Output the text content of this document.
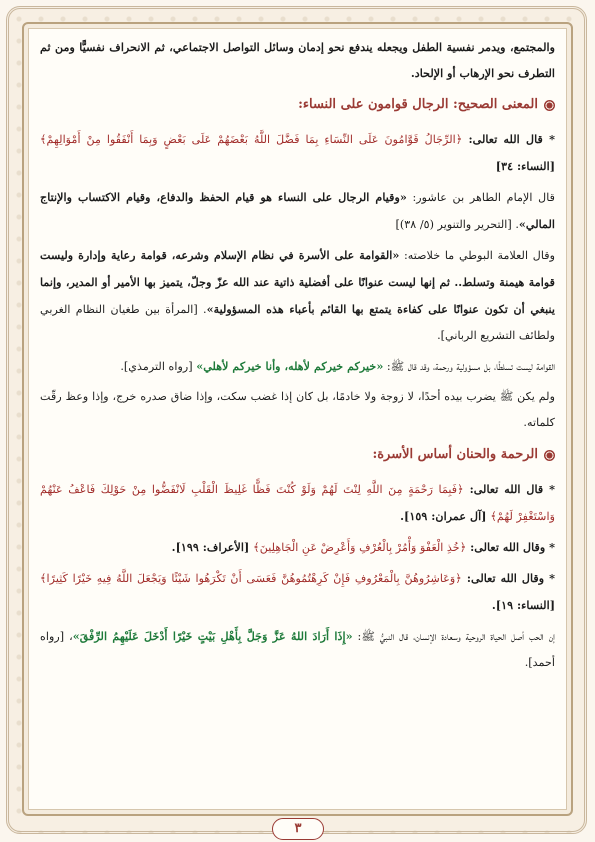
والمجتمع، ويدمر نفسية الطفل ويجعله يندفع نحو إدمان وسائل التواصل الاجتماعي، ثم الانحراف نفسيًّا ومن ثم التطرف نحو الإرهاب أو الإلحاد.

المعنى الصحيح: الرجال قوامون على النساء:

* قال الله تعالى: ﴿الرِّجَالُ قَوَّامُونَ عَلَى النِّسَاءِ بِمَا فَضَّلَ اللَّهُ بَعْضَهُمْ عَلَى بَعْضٍ وَبِمَا أَنْفَقُوا مِنْ أَمْوَالِهِمْ﴾ [النساء: ٣٤]

قال الإمام الطاهر بن عاشور: «وقيام الرجال على النساء هو قيام الحفظ والدفاع، وقيام الاكتساب والإنتاج المالي». [التحرير والتنوير (٥/ ٣٨)]

وقال العلامة البوطي ما خلاصته: «القوامة على الأسرة في نظام الإسلام وشرعه، قوامة رعاية وإدارة وليست قوامة هيمنة وتسلط.. ثم إنها ليست عنوانًا على أفضلية ذاتية عند الله عزّ وجلّ، يتميز بها الأمير أو المدير، وإنما ينبغي أن تكون عنوانًا على كفاءة يتمتع بها القائم بأعباء هذه المسؤولية». [المرأة بين طغيان النظام الغربي ولطائف التشريع الرباني].

القوامة ليست تسلطًا، بل مسؤولية ورحمة، وقد قال ﷺ: «خيركم خيركم لأهله، وأنا خيركم لأهلي» [رواه الترمذي].

ولم يكن ﷺ يضرب بيده أحدًا، لا زوجة ولا خادمًا، بل كان إذا غضب سكت، وإذا ضاق صدره خرج، وإذا وعظ رقّت كلماته.

الرحمة والحنان أساس الأسرة:

* قال الله تعالى: ﴿فَبِمَا رَحْمَةٍ مِنَ اللَّهِ لِنْتَ لَهُمْ وَلَوْ كُنْتَ فَظًّا غَلِيظَ الْقَلْبِ لَانْفَضُّوا مِنْ حَوْلِكَ فَاعْفُ عَنْهُمْ وَاسْتَغْفِرْ لَهُمْ﴾ [آل عمران: ١٥٩].

* وقال الله تعالى: ﴿خُذِ الْعَفْوَ وَأْمُرْ بِالْعُرْفِ وَأَعْرِضْ عَنِ الْجَاهِلِينَ﴾ [الأعراف: ١٩٩].

* وقال الله تعالى: ﴿وَعَاشِرُوهُنَّ بِالْمَعْرُوفِ فَإِنْ كَرِهْتُمُوهُنَّ فَعَسَى أَنْ تَكْرَهُوا شَيْئًا وَيَجْعَلَ اللَّهُ فِيهِ خَيْرًا كَثِيرًا﴾ [النساء: ١٩].

إن الحب أصل الحياة الروحية وسعادة الإنسان، قال النبيُّ ﷺ: «إِذَا أَرَادَ اللهُ عَزَّ وَجَلَّ بِأَهْلِ بَيْتٍ خَيْرًا أَدْخَلَ عَلَيْهِمُ الرِّفْقَ»، [رواه أحمد].

٣
